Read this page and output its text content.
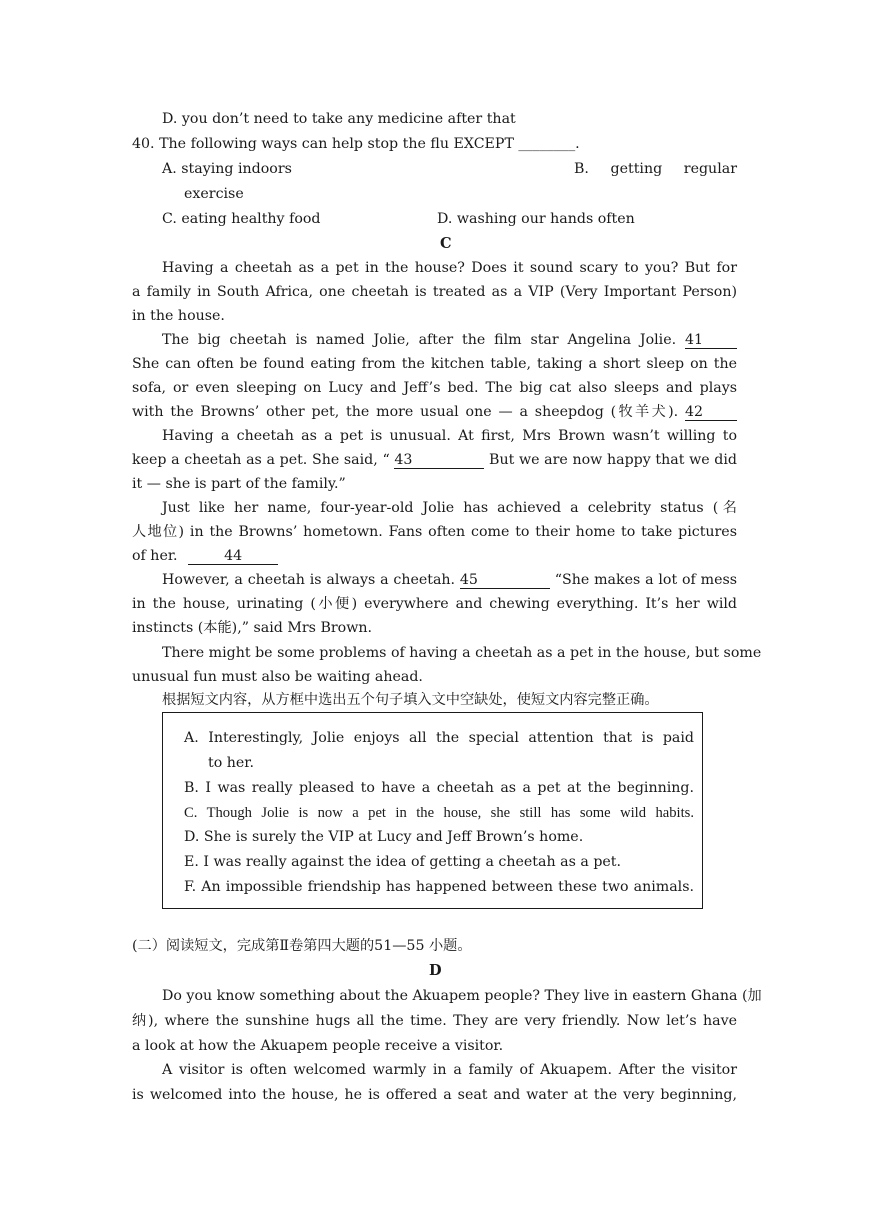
D. you don’t need to take any medicine after that
40. The following ways can help stop the flu EXCEPT ________.
A. staying indoors	B. getting regular
exercise
C. eating healthy food	D. washing our hands often
C
Having a cheetah as a pet in the house? Does it sound scary to you? But for
a family in South Africa, one cheetah is treated as a VIP (Very Important Person)
in the house.
The big cheetah is named Jolie, after the film star Angelina Jolie. 41
She can often be found eating from the kitchen table, taking a short sleep on the
sofa, or even sleeping on Lucy and Jeff’s bed. The big cat also sleeps and plays
with the Browns’ other pet, the more usual one — a sheepdog (牧羊犬). 42
Having a cheetah as a pet is unusual. At first, Mrs Brown wasn’t willing to
keep a cheetah as a pet. She said, “ 43	But we are now happy that we did
it — she is part of the family.”
Just like her name, four-year-old Jolie has achieved a celebrity status (名
人地位) in the Browns’ hometown. Fans often come to their home to take pictures
of her.	44
However, a cheetah is always a cheetah. 45	“She makes a lot of mess
in the house, urinating (小便) everywhere and chewing everything. It’s her wild
instincts (本能),” said Mrs Brown.
There might be some problems of having a cheetah as a pet in the house, but some
unusual fun must also be waiting ahead.
根据短文内容，从方框中选出五个句子填入文中空缺处，使短文内容完整正确。
A. Interestingly, Jolie enjoys all the special attention that is paid
to her.
B. I was really pleased to have a cheetah as a pet at the beginning.
C. Though Jolie is now a pet in the house, she still has some wild habits.
D. She is surely the VIP at Lucy and Jeff Brown’s home.
E. I was really against the idea of getting a cheetah as a pet.
F. An impossible friendship has happened between these two animals.
(二）阅读短文，完成第Ⅱ卷第四大题的51—55 小题。
D
Do you know something about the Akuapem people? They live in eastern Ghana (加
纳), where the sunshine hugs all the time. They are very friendly. Now let’s have
a look at how the Akuapem people receive a visitor.
A visitor is often welcomed warmly in a family of Akuapem. After the visitor
is welcomed into the house, he is offered a seat and water at the very beginning,
